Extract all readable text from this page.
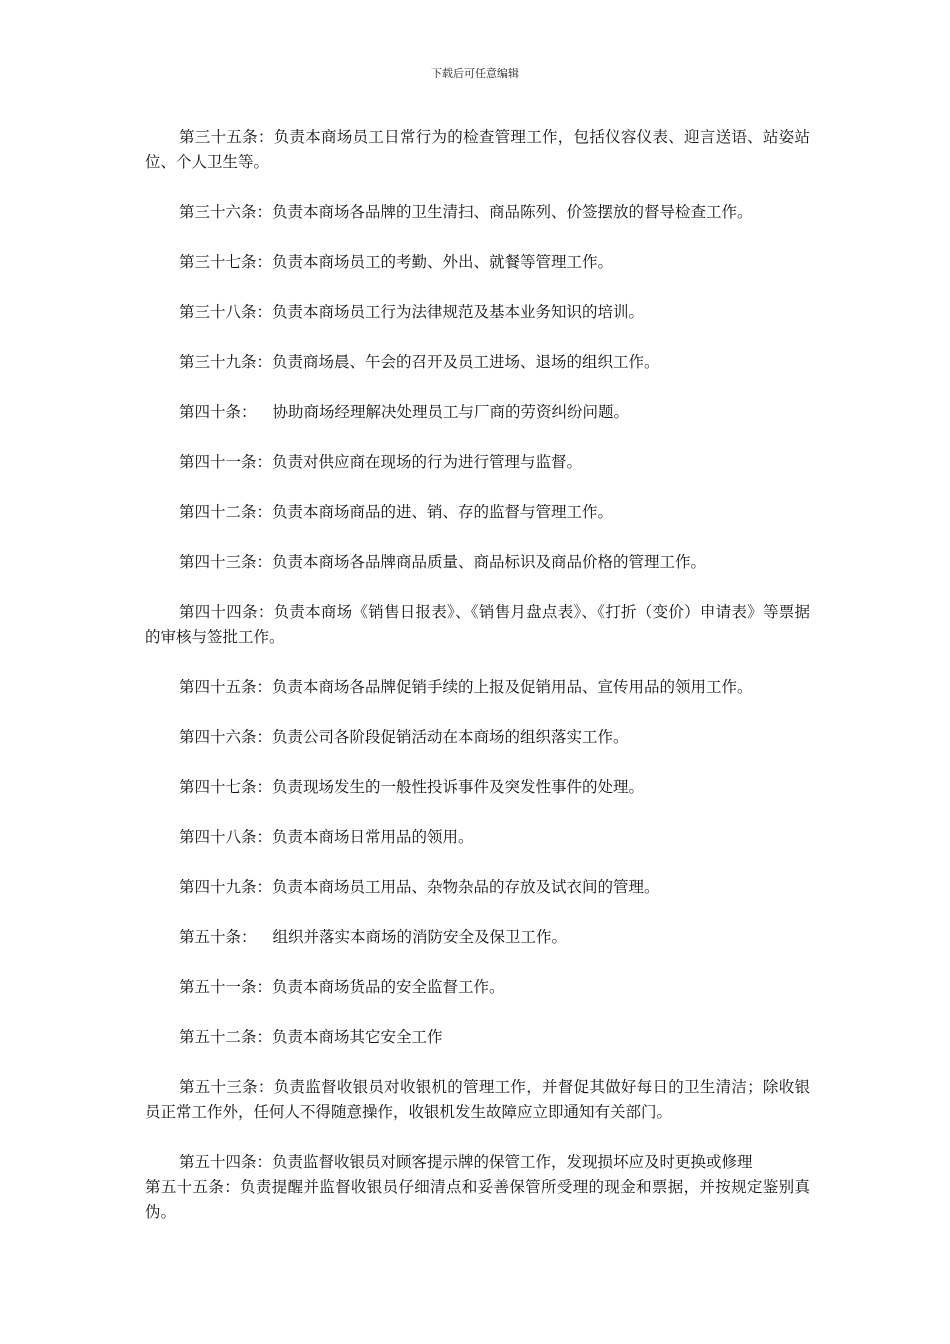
下载后可任意编辑

第三十五条：负责本商场员工日常行为的检查管理工作，包括仪容仪表、迎言送语、站姿站位、个人卫生等。

第三十六条：负责本商场各品牌的卫生清扫、商品陈列、价签摆放的督导检查工作。

第三十七条：负责本商场员工的考勤、外出、就餐等管理工作。

第三十八条：负责本商场员工行为法律规范及基本业务知识的培训。

第三十九条：负责商场晨、午会的召开及员工进场、退场的组织工作。

第四十条： 协助商场经理解决处理员工与厂商的劳资纠纷问题。

第四十一条：负责对供应商在现场的行为进行管理与监督。

第四十二条：负责本商场商品的进、销、存的监督与管理工作。

第四十三条：负责本商场各品牌商品质量、商品标识及商品价格的管理工作。

第四十四条：负责本商场《销售日报表》、《销售月盘点表》、《打折（变价）申请表》等票据的审核与签批工作。

第四十五条：负责本商场各品牌促销手续的上报及促销用品、宣传用品的领用工作。

第四十六条：负责公司各阶段促销活动在本商场的组织落实工作。

第四十七条：负责现场发生的一般性投诉事件及突发性事件的处理。

第四十八条：负责本商场日常用品的领用。

第四十九条：负责本商场员工用品、杂物杂品的存放及试衣间的管理。

第五十条： 组织并落实本商场的消防安全及保卫工作。

第五十一条：负责本商场货品的安全监督工作。

第五十二条：负责本商场其它安全工作

第五十三条：负责监督收银员对收银机的管理工作，并督促其做好每日的卫生清洁；除收银员正常工作外，任何人不得随意操作，收银机发生故障应立即通知有关部门。

第五十四条：负责监督收银员对顾客提示牌的保管工作，发现损坏应及时更换或修理

第五十五条：负责提醒并监督收银员仔细清点和妥善保管所受理的现金和票据，并按规定鉴别真伪。
